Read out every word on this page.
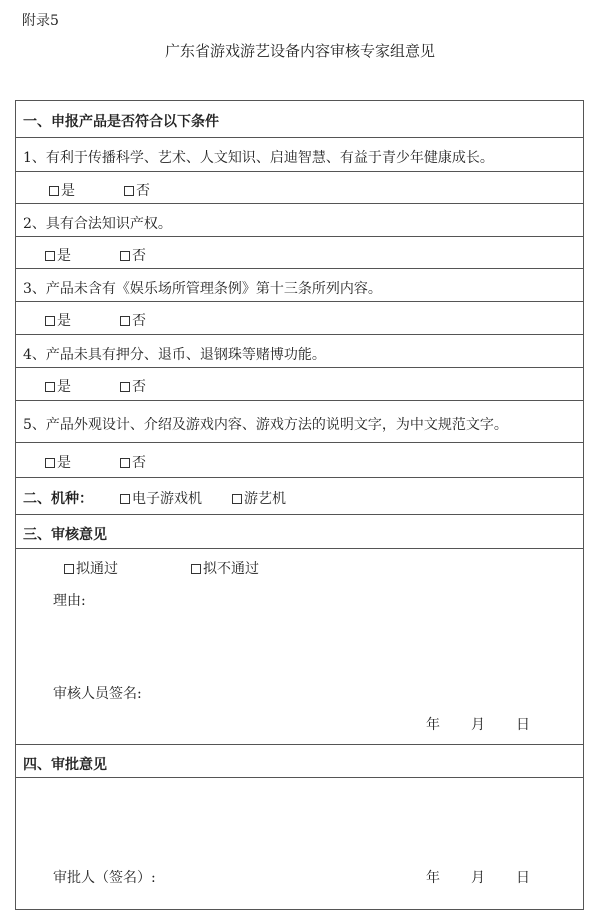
附录5
广东省游戏游艺设备内容审核专家组意见
一、申报产品是否符合以下条件
1、有利于传播科学、艺术、人文知识、启迪智慧、有益于青少年健康成长。
是	否
2、具有合法知识产权。
是	否
3、产品未含有《娱乐场所管理条例》第十三条所列内容。
是	否
4、产品未具有押分、退币、退钢珠等赌博功能。
是	否
5、产品外观设计、介绍及游戏内容、游戏方法的说明文字，为中文规范文字。
是	否
二、机种：	电子游戏机	游艺机
三、审核意见
拟通过	拟不通过
理由:
审核人员签名:
年 月 日
四、审批意见
审批人（签名）:	年 月 日
